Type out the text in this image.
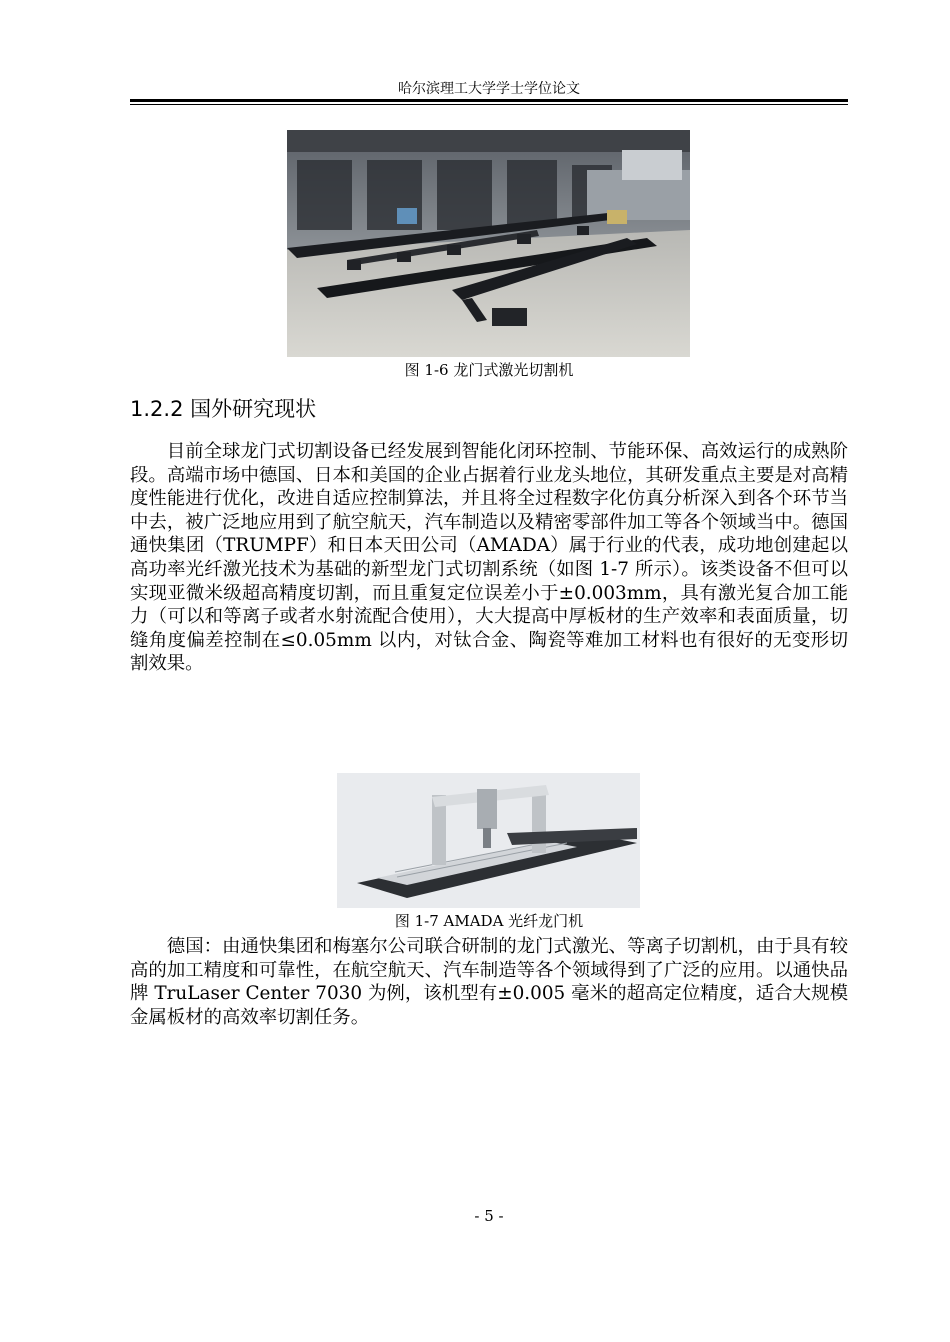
哈尔滨理工大学学士学位论文
图 1-6 龙门式激光切割机
1.2.2 国外研究现状

目前全球龙门式切割设备已经发展到智能化闭环控制、节能环保、高效运行的成熟阶段。高端市场中德国、日本和美国的企业占据着行业龙头地位，其研发重点主要是对高精度性能进行优化，改进自适应控制算法，并且将全过程数字化仿真分析深入到各个环节当中去，被广泛地应用到了航空航天，汽车制造以及精密零部件加工等各个领域当中。德国通快集团（TRUMPF）和日本天田公司（AMADA）属于行业的代表，成功地创建起以高功率光纤激光技术为基础的新型龙门式切割系统（如图 1-7 所示）。该类设备不但可以实现亚微米级超高精度切割，而且重复定位误差小于±0.003mm，具有激光复合加工能力（可以和等离子或者水射流配合使用），大大提高中厚板材的生产效率和表面质量，切缝角度偏差控制在≤0.05mm 以内，对钛合金、陶瓷等难加工材料也有很好的无变形切割效果。

图 1-7 AMADA 光纤龙门机

德国：由通快集团和梅塞尔公司联合研制的龙门式激光、等离子切割机，由于具有较高的加工精度和可靠性，在航空航天、汽车制造等各个领域得到了广泛的应用。以通快品牌 TruLaser Center 7030 为例，该机型有±0.005 毫米的超高定位精度，适合大规模金属板材的高效率切割任务。

- 5 -
